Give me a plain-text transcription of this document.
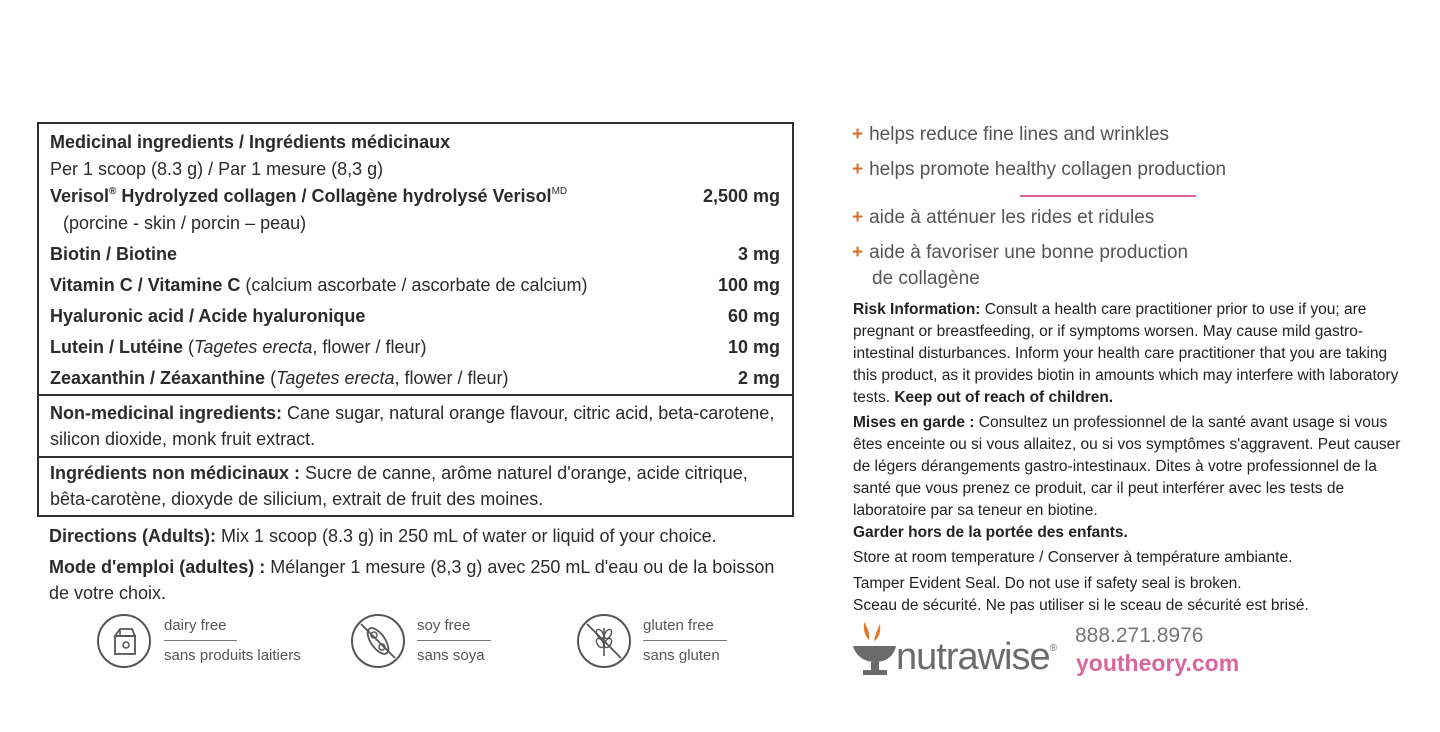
Medicinal ingredients / Ingrédients médicinaux
Per 1 scoop (8.3 g) / Par 1 mesure (8,3 g)
Verisol® Hydrolyzed collagen / Collagène hydrolysé Verisol$^{MD}$	2,500 mg
(porcine - skin / porcin – peau)
Biotin / Biotine	3 mg
Vitamin C / Vitamine C (calcium ascorbate / ascorbate de calcium)	100 mg
Hyaluronic acid / Acide hyaluronique	60 mg
Lutein / Lutéine (Tagetes erecta, flower / fleur)	10 mg
Zeaxanthin / Zéaxanthine (Tagetes erecta, flower / fleur)	2 mg
Non-medicinal ingredients: Cane sugar, natural orange flavour, citric acid, beta-carotene, silicon dioxide, monk fruit extract.
Ingrédients non médicinaux : Sucre de canne, arôme naturel d'orange, acide citrique, bêta-carotène, dioxyde de silicium, extrait de fruit des moines.
Directions (Adults): Mix 1 scoop (8.3 g) in 250 mL of water or liquid of your choice.
Mode d'emploi (adultes) : Mélanger 1 mesure (8,3 g) avec 250 mL d'eau ou de la boisson de votre choix.
dairy free
sans produits laitiers
soy free
sans soya
gluten free
sans gluten
+ helps reduce fine lines and wrinkles
+ helps promote healthy collagen production
+ aide à atténuer les rides et ridules
+ aide à favoriser une bonne production
de collagène
Risk Information: Consult a health care practitioner prior to use if you; are pregnant or breastfeeding, or if symptoms worsen. May cause mild gastro-intestinal disturbances. Inform your health care practitioner that you are taking this product, as it provides biotin in amounts which may interfere with laboratory tests. Keep out of reach of children.
Mises en garde : Consultez un professionnel de la santé avant usage si vous êtes enceinte ou si vous allaitez, ou si vos symptômes s'aggravent. Peut causer de légers dérangements gastro-intestinaux. Dites à votre professionnel de la santé que vous prenez ce produit, car il peut interférer avec les tests de laboratoire par sa teneur en biotine.
Garder hors de la portée des enfants.
Store at room temperature / Conserver à température ambiante.
Tamper Evident Seal. Do not use if safety seal is broken.
Sceau de sécurité. Ne pas utiliser si le sceau de sécurité est brisé.
nutrawise®
888.271.8976
youtheory.com
